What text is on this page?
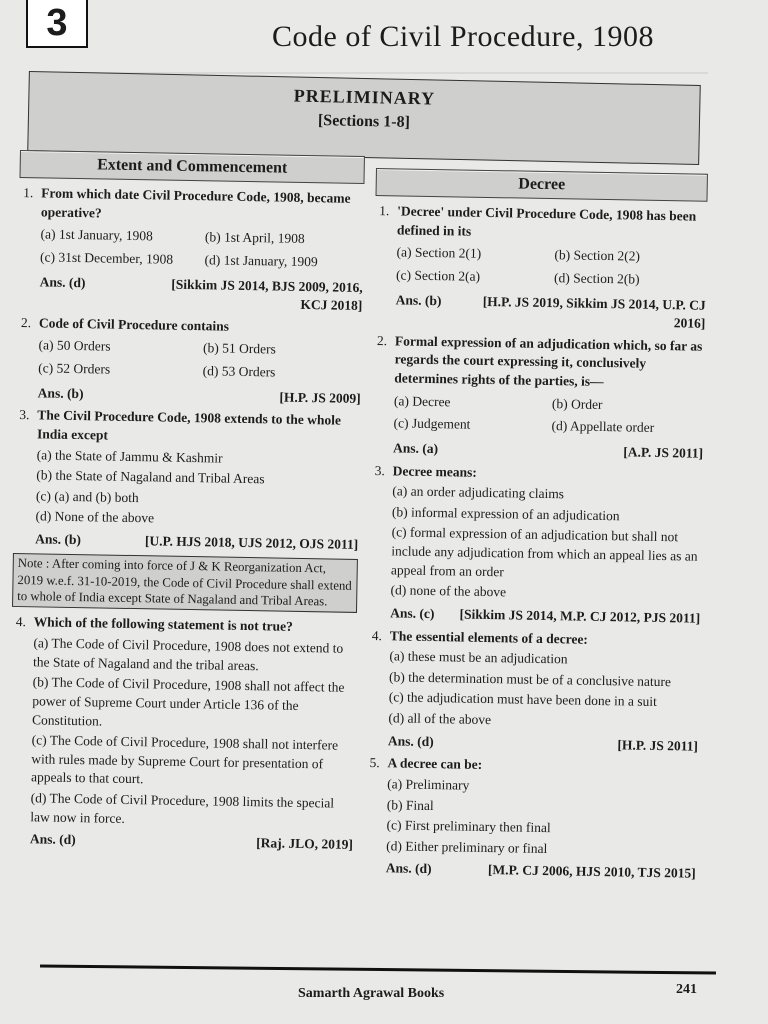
3	Code of Civil Procedure, 1908
PRELIMINARY
[Sections 1-8]
Extent and Commencement
1. From which date Civil Procedure Code, 1908, became operative?
(a) 1st January, 1908	(b) 1st April, 1908
(c) 31st December, 1908	(d) 1st January, 1909
Ans. (d)	[Sikkim JS 2014, BJS 2009, 2016, KCJ 2018]
2. Code of Civil Procedure contains
(a) 50 Orders	(b) 51 Orders
(c) 52 Orders	(d) 53 Orders
Ans. (b)	[H.P. JS 2009]
3. The Civil Procedure Code, 1908 extends to the whole India except
(a) the State of Jammu & Kashmir
(b) the State of Nagaland and Tribal Areas
(c) (a) and (b) both
(d) None of the above
Ans. (b)	[U.P. HJS 2018, UJS 2012, OJS 2011]
Note : After coming into force of J & K Reorganization Act, 2019 w.e.f. 31-10-2019, the Code of Civil Procedure shall extend to whole of India except State of Nagaland and Tribal Areas.
4. Which of the following statement is not true?
(a) The Code of Civil Procedure, 1908 does not extend to the State of Nagaland and the tribal areas.
(b) The Code of Civil Procedure, 1908 shall not affect the power of Supreme Court under Article 136 of the Constitution.
(c) The Code of Civil Procedure, 1908 shall not interfere with rules made by Supreme Court for presentation of appeals to that court.
(d) The Code of Civil Procedure, 1908 limits the special law now in force.
Ans. (d)	[Raj. JLO, 2019]
Decree
1. 'Decree' under Civil Procedure Code, 1908 has been defined in its
(a) Section 2(1)	(b) Section 2(2)
(c) Section 2(a)	(d) Section 2(b)
Ans. (b)	[H.P. JS 2019, Sikkim JS 2014, U.P. CJ 2016]
2. Formal expression of an adjudication which, so far as regards the court expressing it, conclusively determines rights of the parties, is—
(a) Decree	(b) Order
(c) Judgement	(d) Appellate order
Ans. (a)	[A.P. JS 2011]
3. Decree means:
(a) an order adjudicating claims
(b) informal expression of an adjudication
(c) formal expression of an adjudication but shall not include any adjudication from which an appeal lies as an appeal from an order
(d) none of the above
Ans. (c) [Sikkim JS 2014, M.P. CJ 2012, PJS 2011]
4. The essential elements of a decree:
(a) these must be an adjudication
(b) the determination must be of a conclusive nature
(c) the adjudication must have been done in a suit
(d) all of the above
Ans. (d)	[H.P. JS 2011]
5. A decree can be:
(a) Preliminary
(b) Final
(c) First preliminary then final
(d) Either preliminary or final
Ans. (d)	[M.P. CJ 2006, HJS 2010, TJS 2015]
Samarth Agrawal Books	241
